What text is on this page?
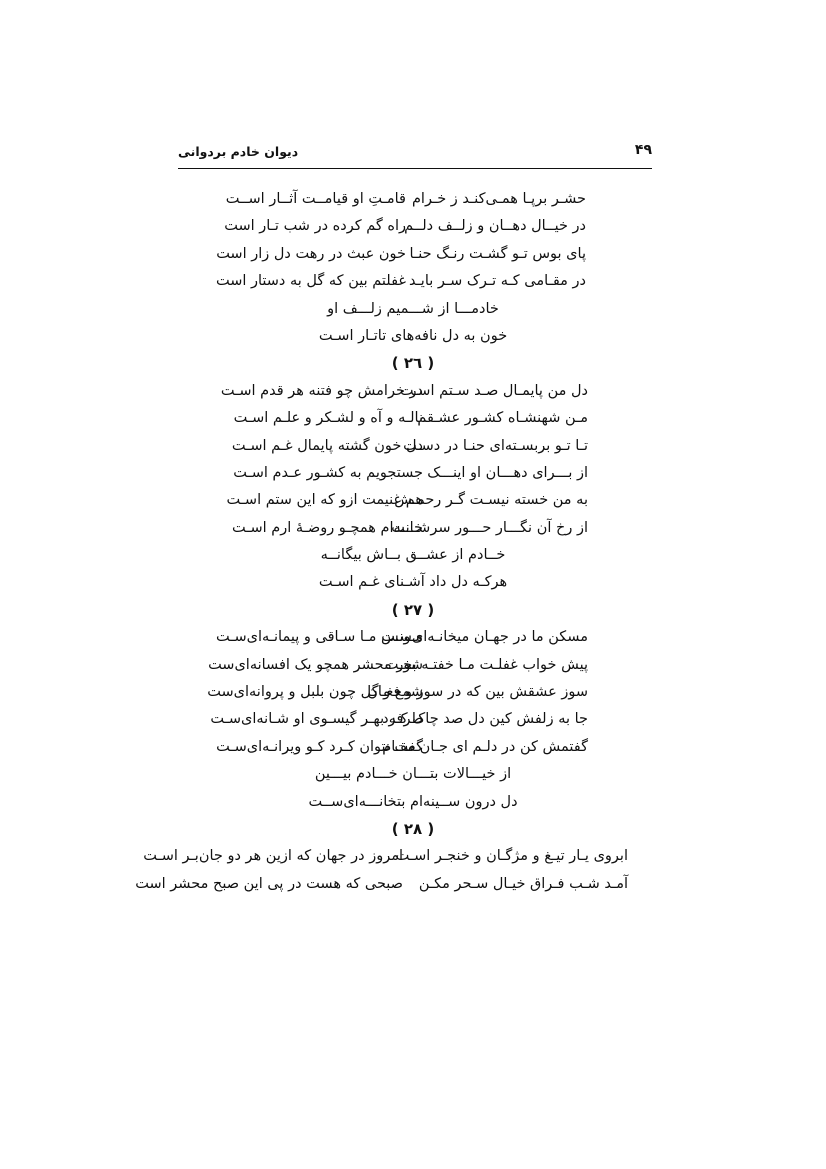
۴۹
دیوان خادم بردوانی
حشـر برپـا همـی‌کنـد ز خـرام
قامـتِ او قیامــت آثــار اســت
در خیــال دهــان و زلــف دلــم
راه گم کرده در شب تـار است
پای بوس تـو گشـت رنـگ حنـا
خون عبث در رهت دل زار است
در مقـامی کـه تـرک سـر بایـد
غفلتم بین که گل به دستار است
خادمـــا از شـــمیم زلـــف او
خون به دل نافه‌های تاتـار اسـت
( ٢٦ )
دل من پایمـال صـد سـتم اسـت
در خرامش چو فتنه هر قدم اسـت
مـن شهنشـاه کشـور عشـقم
نالـه و آه و لشـکر و علـم اسـت
تـا تـو بربسـته‌ای حنـا در دسـت
دل خون گشته پایمال غـم اسـت
از بـــرای دهـــان او اینـــک
جستجویم به کشـور عـدم اسـت
به من خسته نیسـت گـر رحمـش
هم غنیمت ازو که این ستم اسـت
از رخ آن نگـــار حـــور سرشـــت
خانـه‌ام همچـو روضـۀ ارم اسـت
خــادم از عشــق بــاش بیگانــه
هرکـه دل داد آشـنای غـم اسـت
( ٢٧ )
مسکن ما در جهـان میخانـه‌ای‌سـت
مـونس مـا سـاقی و پیمانـه‌ای‌سـت
پیش خواب غفلـت مـا خفتـه بخـت
شور محشر همچو یک افسانه‌ای‌ست
سوز عشقش بین که در سوز و فغـان
شمع و گل چون بلبل و پروانه‌ای‌ست
جا به زلفش کین دل صد چاک کـرد
طرفه بهـر گیسـوی او شـانه‌ای‌سـت
گفتمش کن در دلـم ای جـان مقـام
گفت نتوان کـرد کـو ویرانـه‌ای‌سـت
از خیـــالات بتـــان خـــادم بیـــین
دل درون ســینه‌ام بتخانـــه‌ای‌ســت
( ٢٨ )
ابروی یـار تیـغ و مژگـان و خنجـر اسـت
امروز در جهان که ازین هر دو جان‌بـر اسـت
آمـد شـب فـراق خیـال سـحر مکـن
صبحی که هست در پی این صبح محشر است
